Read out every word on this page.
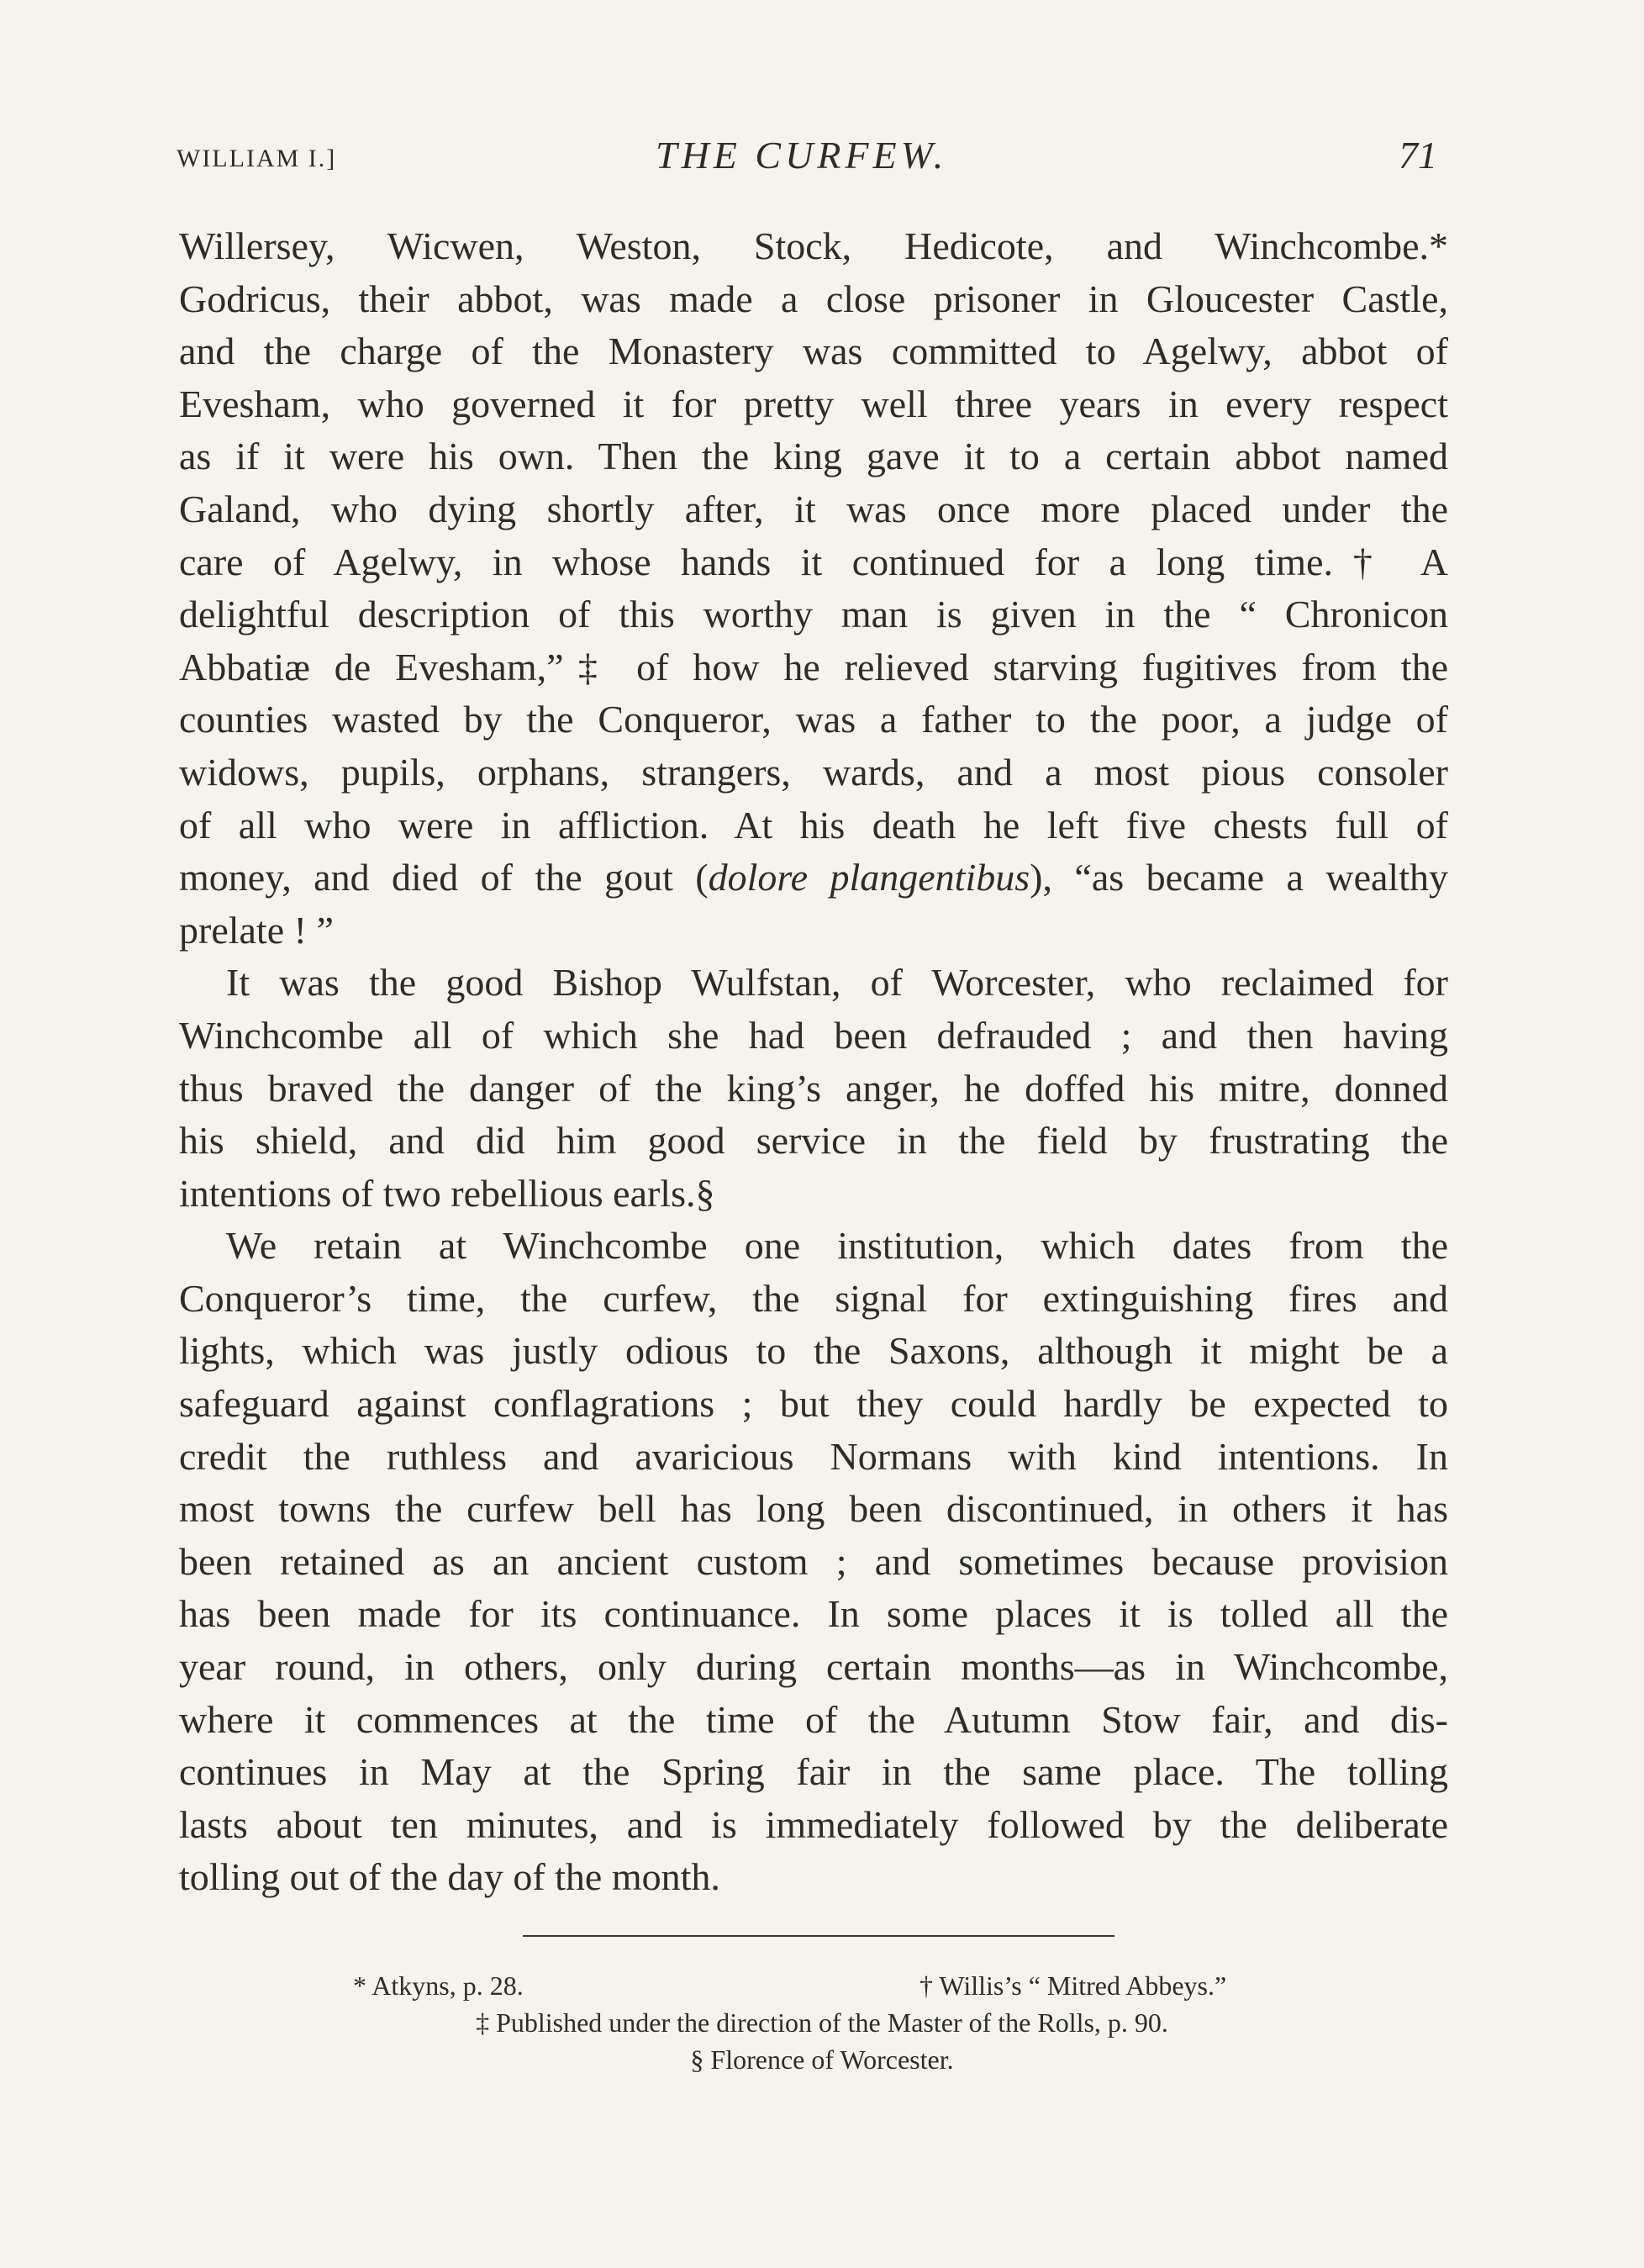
WILLIAM I.]	THE CURFEW.	71
Willersey, Wicwen, Weston, Stock, Hedicote, and Winchcombe.*
Godricus, their abbot, was made a close prisoner in Gloucester Castle,
and the charge of the Monastery was committed to Agelwy, abbot of
Evesham, who governed it for pretty well three years in every respect
as if it were his own. Then the king gave it to a certain abbot named
Galand, who dying shortly after, it was once more placed under the
care of Agelwy, in whose hands it continued for a long time.† A
delightful description of this worthy man is given in the “ Chronicon
Abbatiæ de Evesham,”‡ of how he relieved starving fugitives from the
counties wasted by the Conqueror, was a father to the poor, a judge of
widows, pupils, orphans, strangers, wards, and a most pious consoler
of all who were in affliction. At his death he left five chests full of
money, and died of the gout (dolore plangentibus), “as became a wealthy
prelate ! ”
It was the good Bishop Wulfstan, of Worcester, who reclaimed for
Winchcombe all of which she had been defrauded ; and then having
thus braved the danger of the king’s anger, he doffed his mitre, donned
his shield, and did him good service in the field by frustrating the
intentions of two rebellious earls.§
We retain at Winchcombe one institution, which dates from the
Conqueror’s time, the curfew, the signal for extinguishing fires and
lights, which was justly odious to the Saxons, although it might be a
safeguard against conflagrations ; but they could hardly be expected to
credit the ruthless and avaricious Normans with kind intentions. In
most towns the curfew bell has long been discontinued, in others it has
been retained as an ancient custom ; and sometimes because provision
has been made for its continuance. In some places it is tolled all the
year round, in others, only during certain months—as in Winchcombe,
where it commences at the time of the Autumn Stow fair, and dis-
continues in May at the Spring fair in the same place. The tolling
lasts about ten minutes, and is immediately followed by the deliberate
tolling out of the day of the month.
* Atkyns, p. 28.	† Willis’s “ Mitred Abbeys.”
‡ Published under the direction of the Master of the Rolls, p. 90.
§ Florence of Worcester.
